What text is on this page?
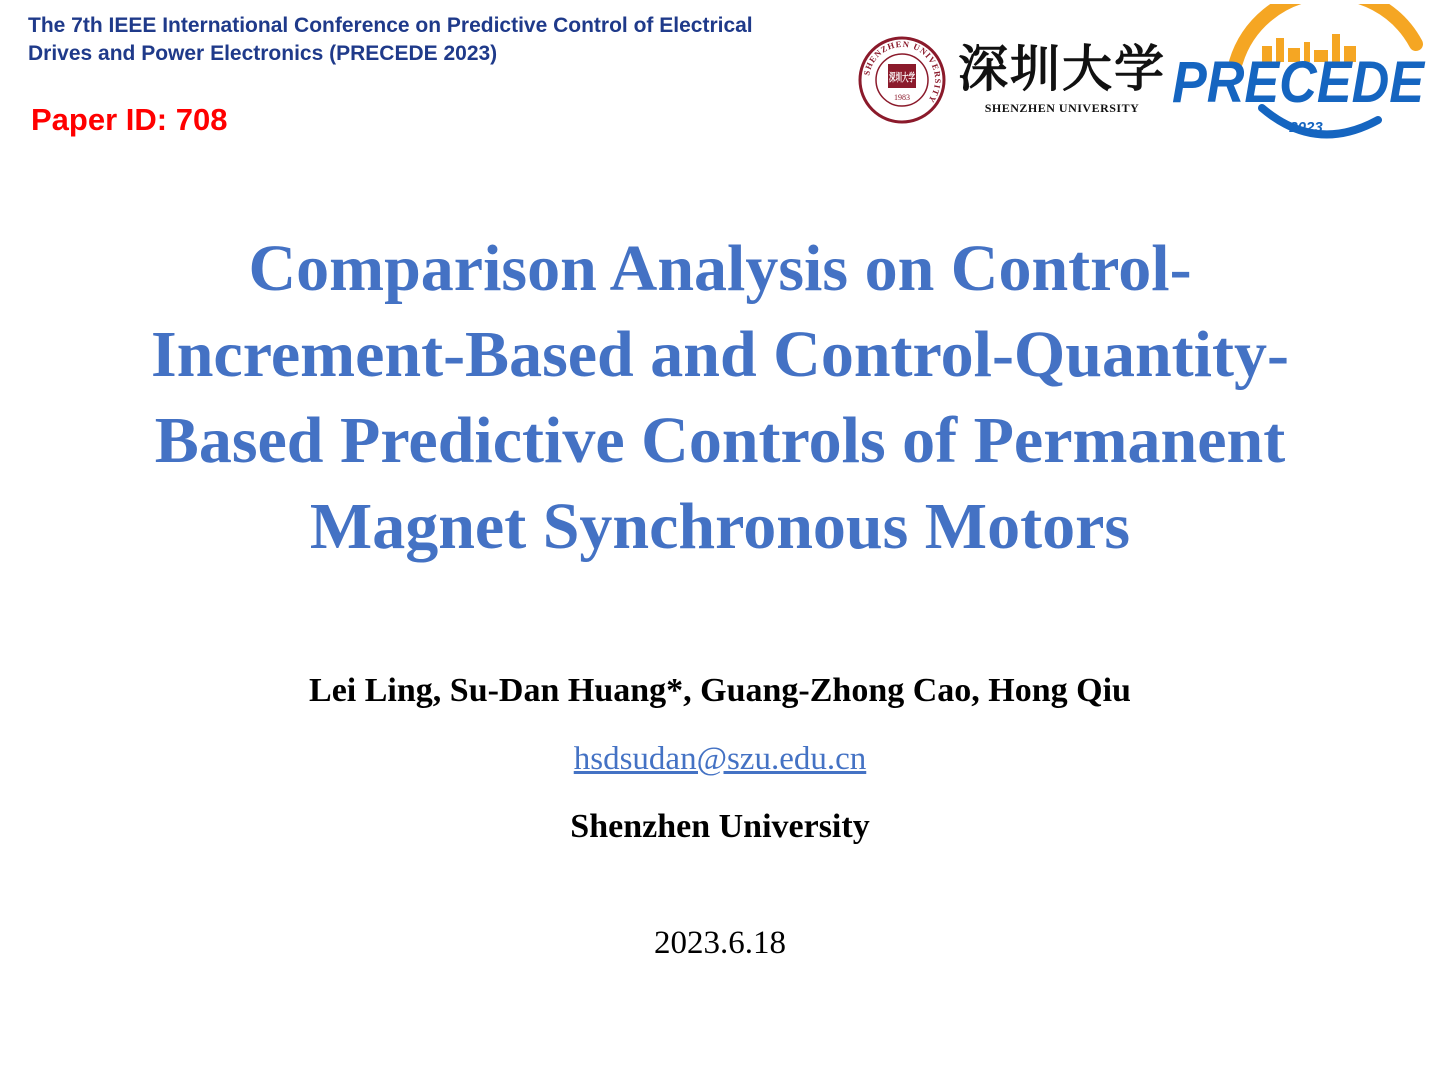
The 7th IEEE International Conference on Predictive Control of Electrical
Drives and Power Electronics (PRECEDE 2023)
Paper ID: 708
SHENZHEN UNIVERSITY
深圳大学
1983 深圳大学
SHENZHEN UNIVERSITY PRECEDE
2023
Comparison Analysis on Control-
Increment-Based and Control-Quantity-
Based Predictive Controls of Permanent
Magnet Synchronous Motors
Lei Ling, Su-Dan Huang*, Guang-Zhong Cao, Hong Qiu
hsdsudan@szu.edu.cn
Shenzhen University
2023.6.18
